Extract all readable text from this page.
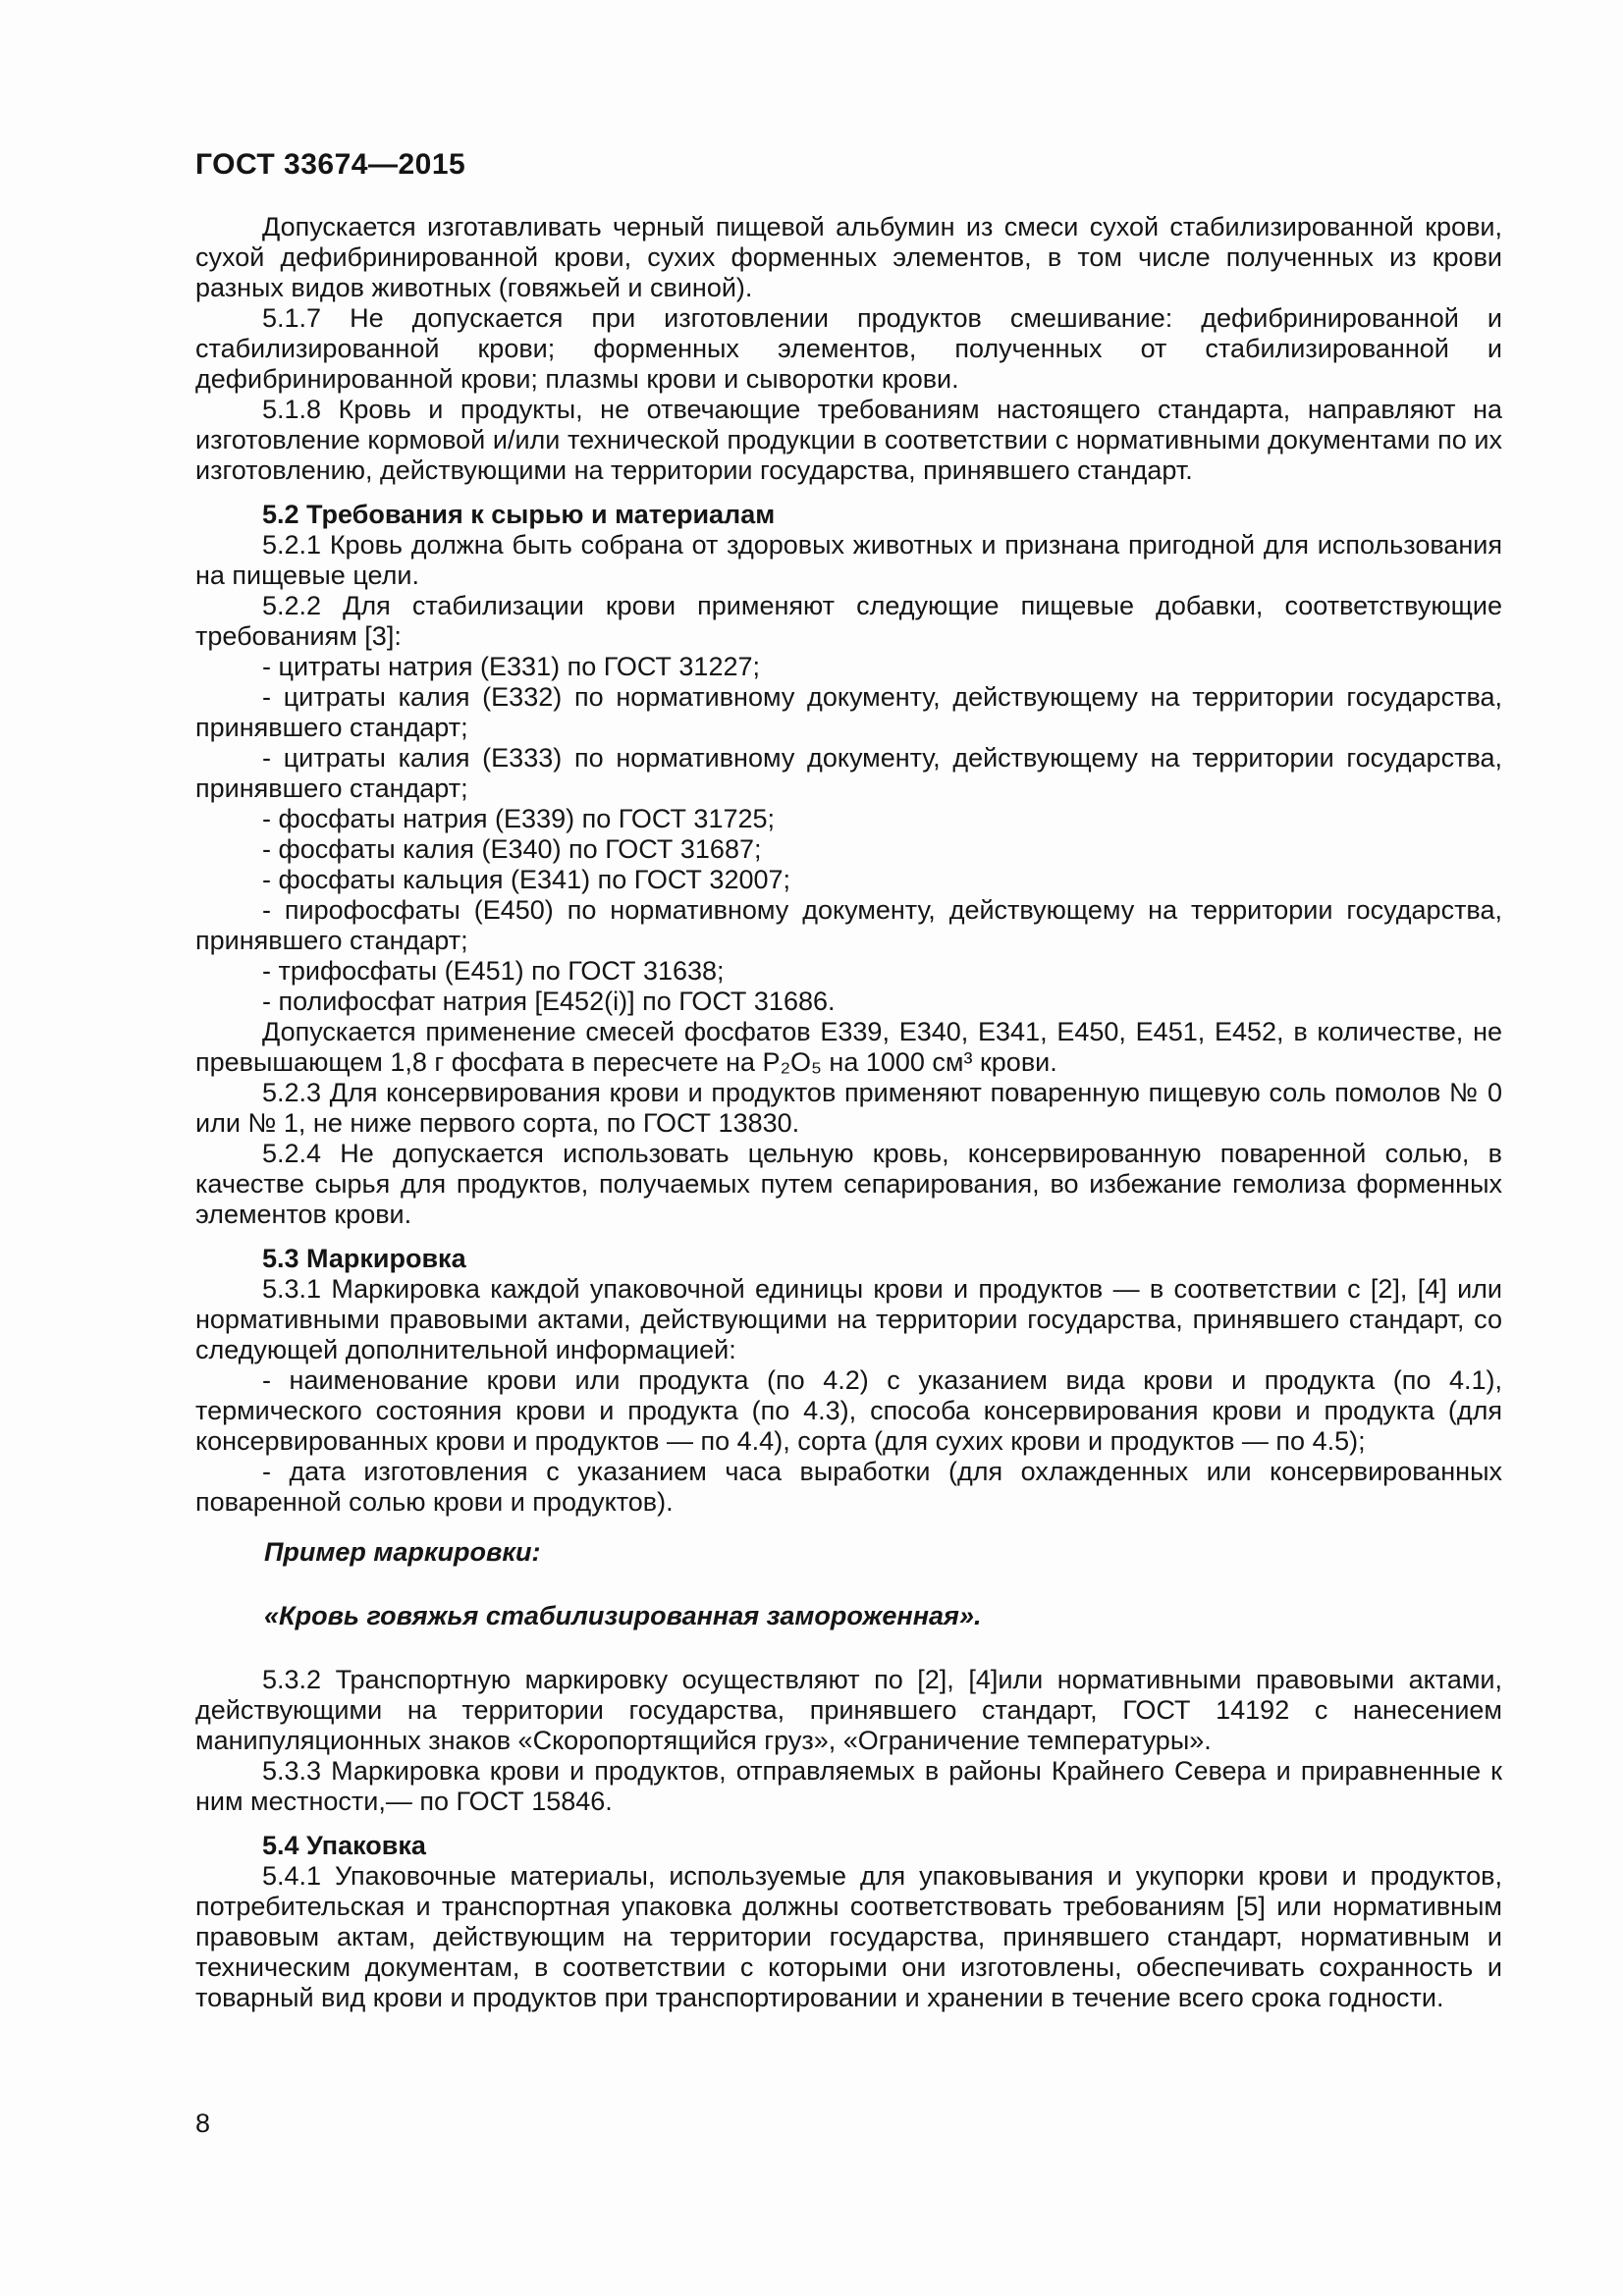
ГОСТ 33674—2015

Допускается изготавливать черный пищевой альбумин из смеси сухой стабилизированной крови, сухой дефибринированной крови, сухих форменных элементов, в том числе полученных из крови разных видов животных (говяжьей и свиной).

5.1.7 Не допускается при изготовлении продуктов смешивание: дефибринированной и стабилизированной крови; форменных элементов, полученных от стабилизированной и дефибринированной крови; плазмы крови и сыворотки крови.

5.1.8 Кровь и продукты, не отвечающие требованиям настоящего стандарта, направляют на изготовление кормовой и/или технической продукции в соответствии с нормативными документами по их изготовлению, действующими на территории государства, принявшего стандарт.

5.2 Требования к сырью и материалам

5.2.1 Кровь должна быть собрана от здоровых животных и признана пригодной для использования на пищевые цели.

5.2.2 Для стабилизации крови применяют следующие пищевые добавки, соответствующие требованиям [3]:

- цитраты натрия (Е331) по ГОСТ 31227;

- цитраты калия (Е332) по нормативному документу, действующему на территории государства, принявшего стандарт;

- цитраты калия (Е333) по нормативному документу, действующему на территории государства, принявшего стандарт;

- фосфаты натрия (Е339) по ГОСТ 31725;

- фосфаты калия (Е340) по ГОСТ 31687;

- фосфаты кальция (Е341) по ГОСТ 32007;

- пирофосфаты (Е450) по нормативному документу, действующему на территории государства, принявшего стандарт;

- трифосфаты (Е451) по ГОСТ 31638;

- полифосфат натрия [Е452(i)] по ГОСТ 31686.

Допускается применение смесей фосфатов Е339, Е340, Е341, Е450, Е451, Е452, в количестве, не превышающем 1,8 г фосфата в пересчете на Р₂О₅ на 1000 см³ крови.

5.2.3 Для консервирования крови и продуктов применяют поваренную пищевую соль помолов № 0 или № 1, не ниже первого сорта, по ГОСТ 13830.

5.2.4 Не допускается использовать цельную кровь, консервированную поваренной солью, в качестве сырья для продуктов, получаемых путем сепарирования, во избежание гемолиза форменных элементов крови.

5.3 Маркировка

5.3.1 Маркировка каждой упаковочной единицы крови и продуктов — в соответствии с [2], [4] или нормативными правовыми актами, действующими на территории государства, принявшего стандарт, со следующей дополнительной информацией:

- наименование крови или продукта (по 4.2) с указанием вида крови и продукта (по 4.1), термического состояния крови и продукта (по 4.3), способа консервирования крови и продукта (для консервированных крови и продуктов — по 4.4), сорта (для сухих крови и продуктов — по 4.5);

- дата изготовления с указанием часа выработки (для охлажденных или консервированных поваренной солью крови и продуктов).

Пример маркировки:

«Кровь говяжья стабилизированная замороженная».

5.3.2 Транспортную маркировку осуществляют по [2], [4]или нормативными правовыми актами, действующими на территории государства, принявшего стандарт, ГОСТ 14192 с нанесением манипуляционных знаков «Скоропортящийся груз», «Ограничение температуры».

5.3.3 Маркировка крови и продуктов, отправляемых в районы Крайнего Севера и приравненные к ним местности,— по ГОСТ 15846.

5.4 Упаковка

5.4.1 Упаковочные материалы, используемые для упаковывания и укупорки крови и продуктов, потребительская и транспортная упаковка должны соответствовать требованиям [5] или нормативным правовым актам, действующим на территории государства, принявшего стандарт, нормативным и техническим документам, в соответствии с которыми они изготовлены, обеспечивать сохранность и товарный вид крови и продуктов при транспортировании и хранении в течение всего срока годности.

8
